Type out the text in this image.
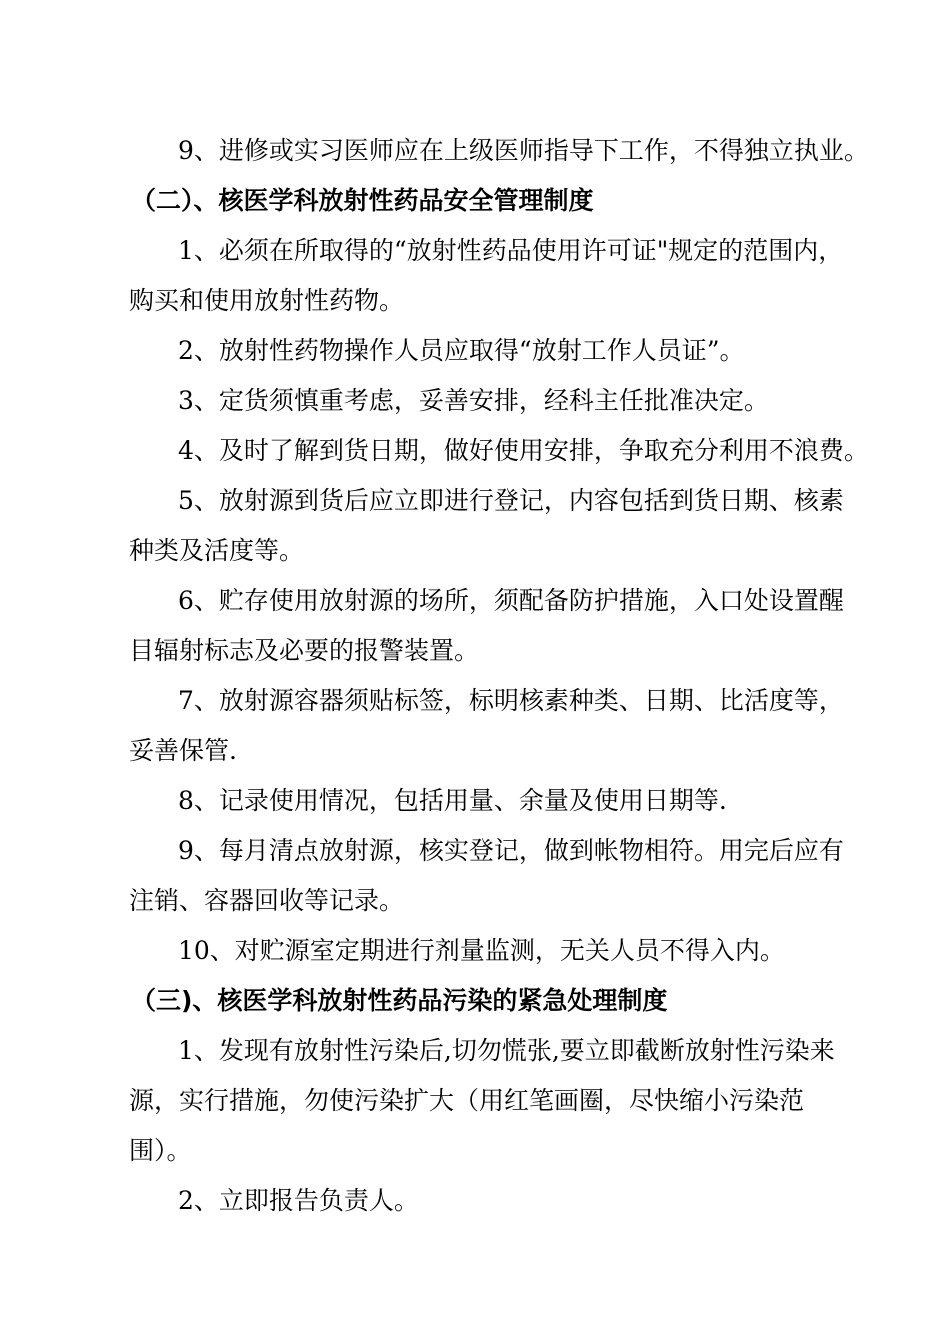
9、进修或实习医师应在上级医师指导下工作，不得独立执业。
（二）、核医学科放射性药品安全管理制度
1、必须在所取得的“放射性药品使用许可证"规定的范围内，
购买和使用放射性药物。
2、放射性药物操作人员应取得“放射工作人员证”。
3、定货须慎重考虑，妥善安排，经科主任批准决定。
4、及时了解到货日期，做好使用安排，争取充分利用不浪费。
5、放射源到货后应立即进行登记，内容包括到货日期、核素
种类及活度等。
6、贮存使用放射源的场所，须配备防护措施，入口处设置醒
目辐射标志及必要的报警装置。
7、放射源容器须贴标签，标明核素种类、日期、比活度等，
妥善保管.
8、记录使用情况，包括用量、余量及使用日期等.
9、每月清点放射源，核实登记，做到帐物相符。用完后应有
注销、容器回收等记录。
10、对贮源室定期进行剂量监测，无关人员不得入内。
（三)、核医学科放射性药品污染的紧急处理制度
1、发现有放射性污染后,切勿慌张,要立即截断放射性污染来
源，实行措施，勿使污染扩大（用红笔画圈，尽快缩小污染范
围）。
2、立即报告负责人。
